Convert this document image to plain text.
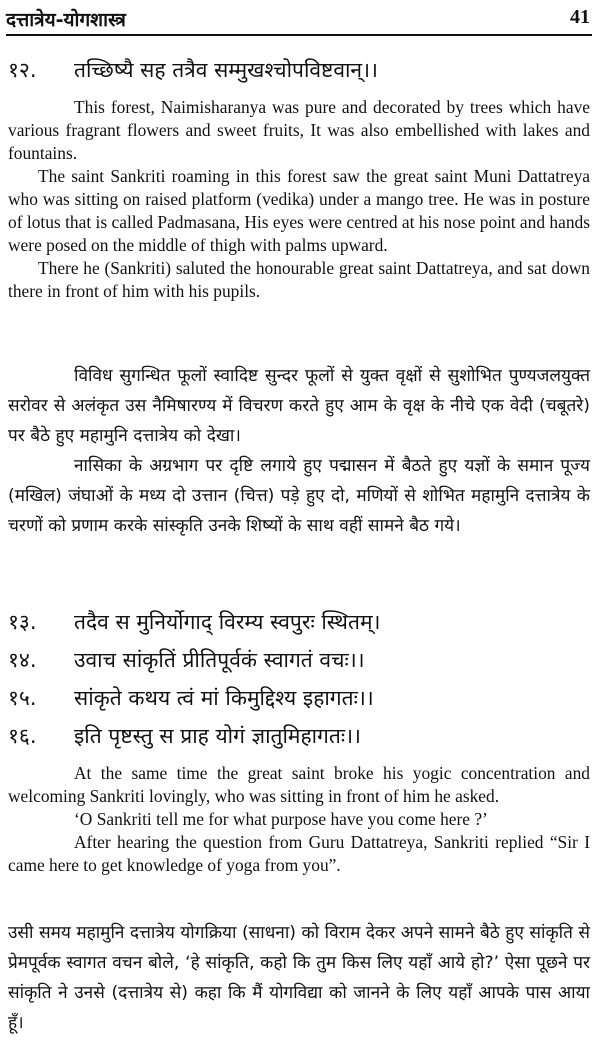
दत्तात्रेय-योगशास्त्र	41
१२. तच्छिष्यै सह तत्रैव सम्मुखश्चोपविष्टवान्।।
This forest, Naimisharanya was pure and decorated by trees which have various fragrant flowers and sweet fruits, It was also embellished with lakes and fountains.
The saint Sankriti roaming in this forest saw the great saint Muni Dattatreya who was sitting on raised platform (vedika) under a mango tree. He was in posture of lotus that is called Padmasana, His eyes were centred at his nose point and hands were posed on the middle of thigh with palms upward.
There he (Sankriti) saluted the honourable great saint Dattatreya, and sat down there in front of him with his pupils.
विविध सुगन्धित फूलों स्वादिष्ट सुन्दर फूलों से युक्त वृक्षों से सुशोभित पुण्यजलयुक्त सरोवर से अलंकृत उस नैमिषारण्य में विचरण करते हुए आम के वृक्ष के नीचे एक वेदी (चबूतरे) पर बैठे हुए महामुनि दत्तात्रेय को देखा।
नासिका के अग्रभाग पर दृष्टि लगाये हुए पद्मासन में बैठते हुए यज्ञों के समान पूज्य (मखिल) जंघाओं के मध्य दो उत्तान (चित्त) पड़े हुए दो, मणियों से शोभित महामुनि दत्तात्रेय के चरणों को प्रणाम करके सांस्कृति उनके शिष्यों के साथ वहीं सामने बैठ गये।
१३. तदैव स मुनिर्योगाद् विरम्य स्वपुरः स्थितम्।
१४. उवाच सांकृतिं प्रीतिपूर्वकं स्वागतं वचः।।
१५. सांकृते कथय त्वं मां किमुद्दिश्य इहागतः।।
१६. इति पृष्टस्तु स प्राह योगं ज्ञातुमिहागतः।।
At the same time the great saint broke his yogic concentration and welcoming Sankriti lovingly, who was sitting in front of him he asked.
‘O Sankriti tell me for what purpose have you come here ?’
After hearing the question from Guru Dattatreya, Sankriti replied “Sir I came here to get knowledge of yoga from you”.
उसी समय महामुनि दत्तात्रेय योगक्रिया (साधना) को विराम देकर अपने सामने बैठे हुए सांकृति से प्रेमपूर्वक स्वागत वचन बोले, ‘हे सांकृति, कहो कि तुम किस लिए यहाँ आये हो?’ ऐसा पूछने पर सांकृति ने उनसे (दत्तात्रेय से) कहा कि मैं योगविद्या को जानने के लिए यहाँ आपके पास आया हूँ।
